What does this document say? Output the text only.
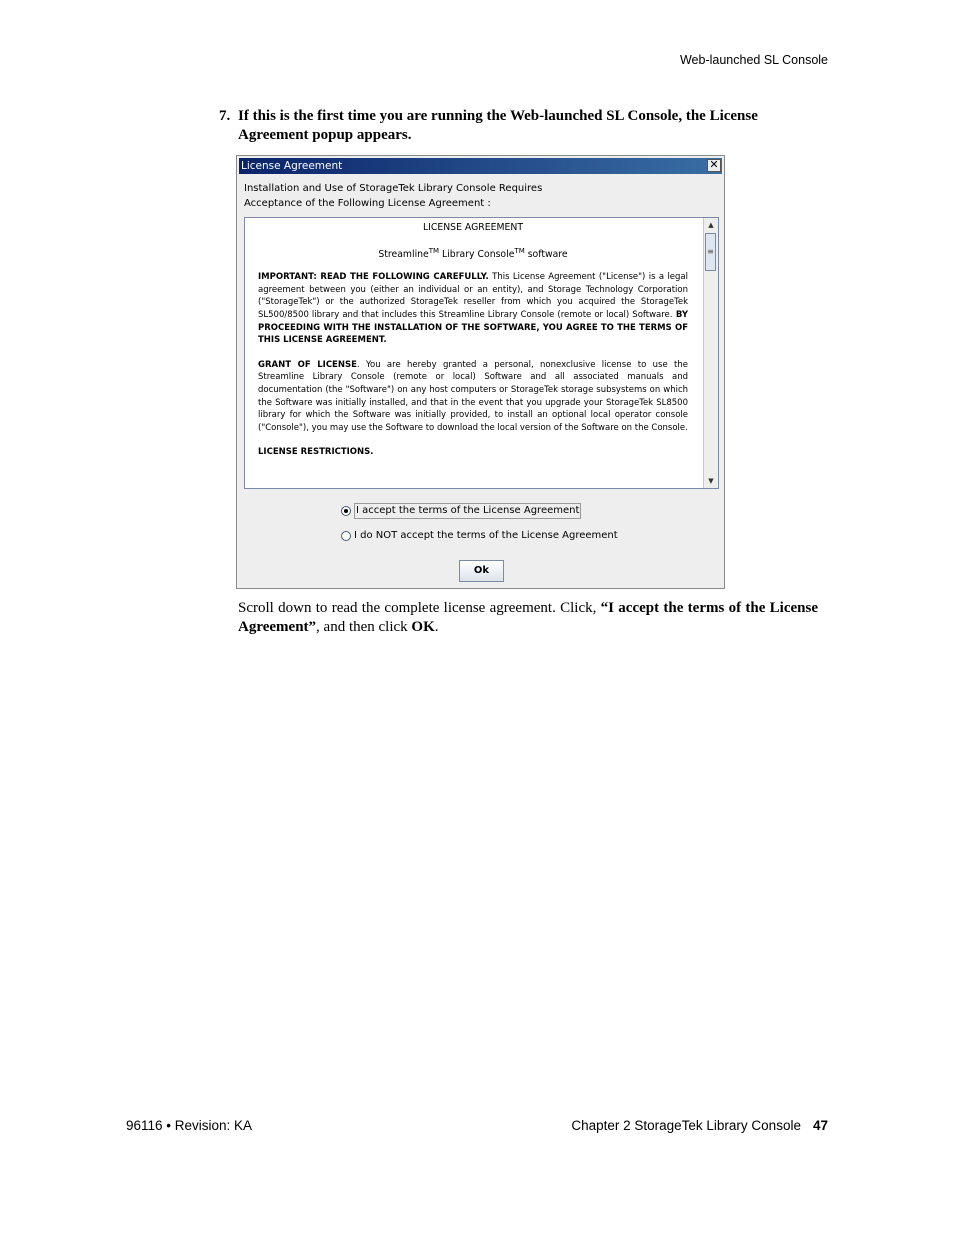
Web-launched SL Console
7. If this is the first time you are running the Web-launched SL Console, the License Agreement popup appears.
License Agreement	✕
Installation and Use of StorageTek Library Console Requires
Acceptance of the Following License Agreement :
LICENSE AGREEMENT
Streamline™ Library Console™ software

IMPORTANT: READ THE FOLLOWING CAREFULLY. This License Agreement ("License") is a legal agreement between you (either an individual or an entity), and Storage Technology Corporation ("StorageTek") or the authorized StorageTek reseller from which you acquired the StorageTek SL500/8500 library and that includes this Streamline Library Console (remote or local) Software. BY PROCEEDING WITH THE INSTALLATION OF THE SOFTWARE, YOU AGREE TO THE TERMS OF THIS LICENSE AGREEMENT.

GRANT OF LICENSE. You are hereby granted a personal, nonexclusive license to use the Streamline Library Console (remote or local) Software and all associated manuals and documentation (the "Software") on any host computers or StorageTek storage subsystems on which the Software was initially installed, and that in the event that you upgrade your StorageTek SL8500 library for which the Software was initially provided, to install an optional local operator console ("Console"), you may use the Software to download the local version of the Software on the Console.

LICENSE RESTRICTIONS.

▲
≡
▼
I accept the terms of the License Agreement
I do NOT accept the terms of the License Agreement
Ok
Scroll down to read the complete license agreement. Click, “I accept the terms of the License Agreement”, and then click OK.
96116 • Revision: KA	Chapter 2 StorageTek Library Console 47
